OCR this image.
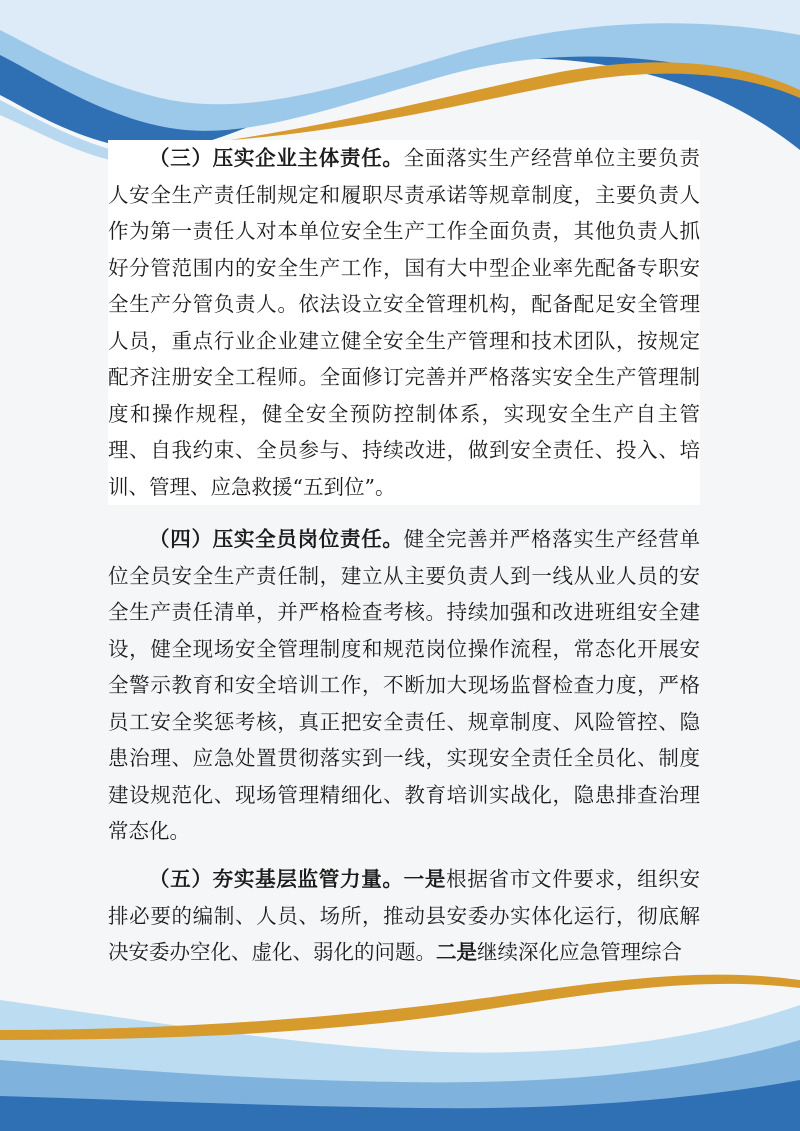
（三）压实企业主体责任。全面落实生产经营单位主要负责人安全生产责任制规定和履职尽责承诺等规章制度，主要负责人作为第一责任人对本单位安全生产工作全面负责，其他负责人抓好分管范围内的安全生产工作，国有大中型企业率先配备专职安全生产分管负责人。依法设立安全管理机构，配备配足安全管理人员，重点行业企业建立健全安全生产管理和技术团队，按规定配齐注册安全工程师。全面修订完善并严格落实安全生产管理制度和操作规程，健全安全预防控制体系，实现安全生产自主管理、自我约束、全员参与、持续改进，做到安全责任、投入、培训、管理、应急救援“五到位”。

（四）压实全员岗位责任。健全完善并严格落实生产经营单位全员安全生产责任制，建立从主要负责人到一线从业人员的安全生产责任清单，并严格检查考核。持续加强和改进班组安全建设，健全现场安全管理制度和规范岗位操作流程，常态化开展安全警示教育和安全培训工作，不断加大现场监督检查力度，严格员工安全奖惩考核，真正把安全责任、规章制度、风险管控、隐患治理、应急处置贯彻落实到一线，实现安全责任全员化、制度建设规范化、现场管理精细化、教育培训实战化，隐患排查治理常态化。

（五）夯实基层监管力量。一是根据省市文件要求，组织安排必要的编制、人员、场所，推动县安委办实体化运行，彻底解决安委办空化、虚化、弱化的问题。二是继续深化应急管理综合
